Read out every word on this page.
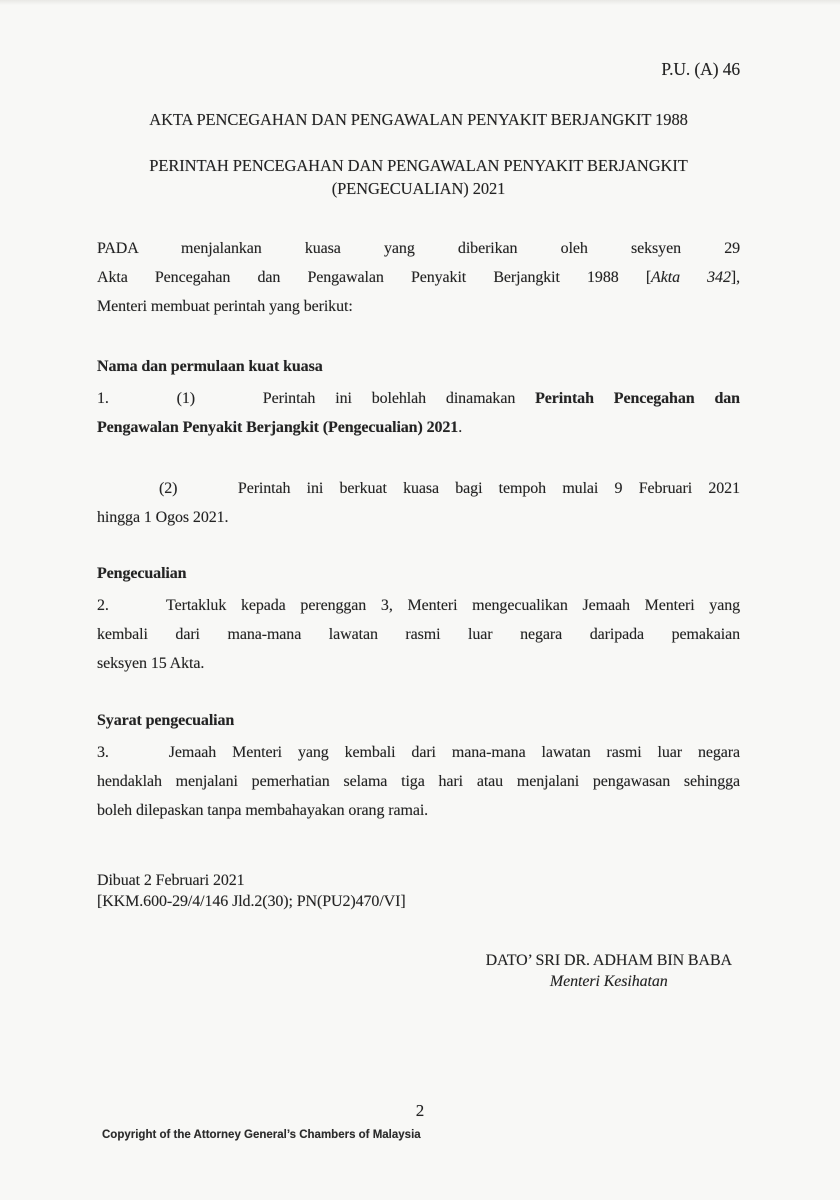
P.U. (A) 46
AKTA PENCEGAHAN DAN PENGAWALAN PENYAKIT BERJANGKIT 1988
PERINTAH PENCEGAHAN DAN PENGAWALAN PENYAKIT BERJANGKIT
(PENGECUALIAN) 2021
PADA menjalankan kuasa yang diberikan oleh seksyen 29
Akta Pencegahan dan Pengawalan Penyakit Berjangkit 1988 [Akta 342],
Menteri membuat perintah yang berikut:
Nama dan permulaan kuat kuasa
1.	(1)	Perintah ini bolehlah dinamakan Perintah Pencegahan dan
Pengawalan Penyakit Berjangkit (Pengecualian) 2021.
(2)	Perintah ini berkuat kuasa bagi tempoh mulai 9 Februari 2021
hingga 1 Ogos 2021.
Pengecualian
2.	Tertakluk kepada perenggan 3, Menteri mengecualikan Jemaah Menteri yang
kembali dari mana-mana lawatan rasmi luar negara daripada pemakaian
seksyen 15 Akta.
Syarat pengecualian
3.	Jemaah Menteri yang kembali dari mana-mana lawatan rasmi luar negara
hendaklah menjalani pemerhatian selama tiga hari atau menjalani pengawasan sehingga
boleh dilepaskan tanpa membahayakan orang ramai.
Dibuat 2 Februari 2021
[KKM.600-29/4/146 Jld.2(30); PN(PU2)470/VI]
DATO’ SRI DR. ADHAM BIN BABA
Menteri Kesihatan
2
Copyright of the Attorney General’s Chambers of Malaysia
